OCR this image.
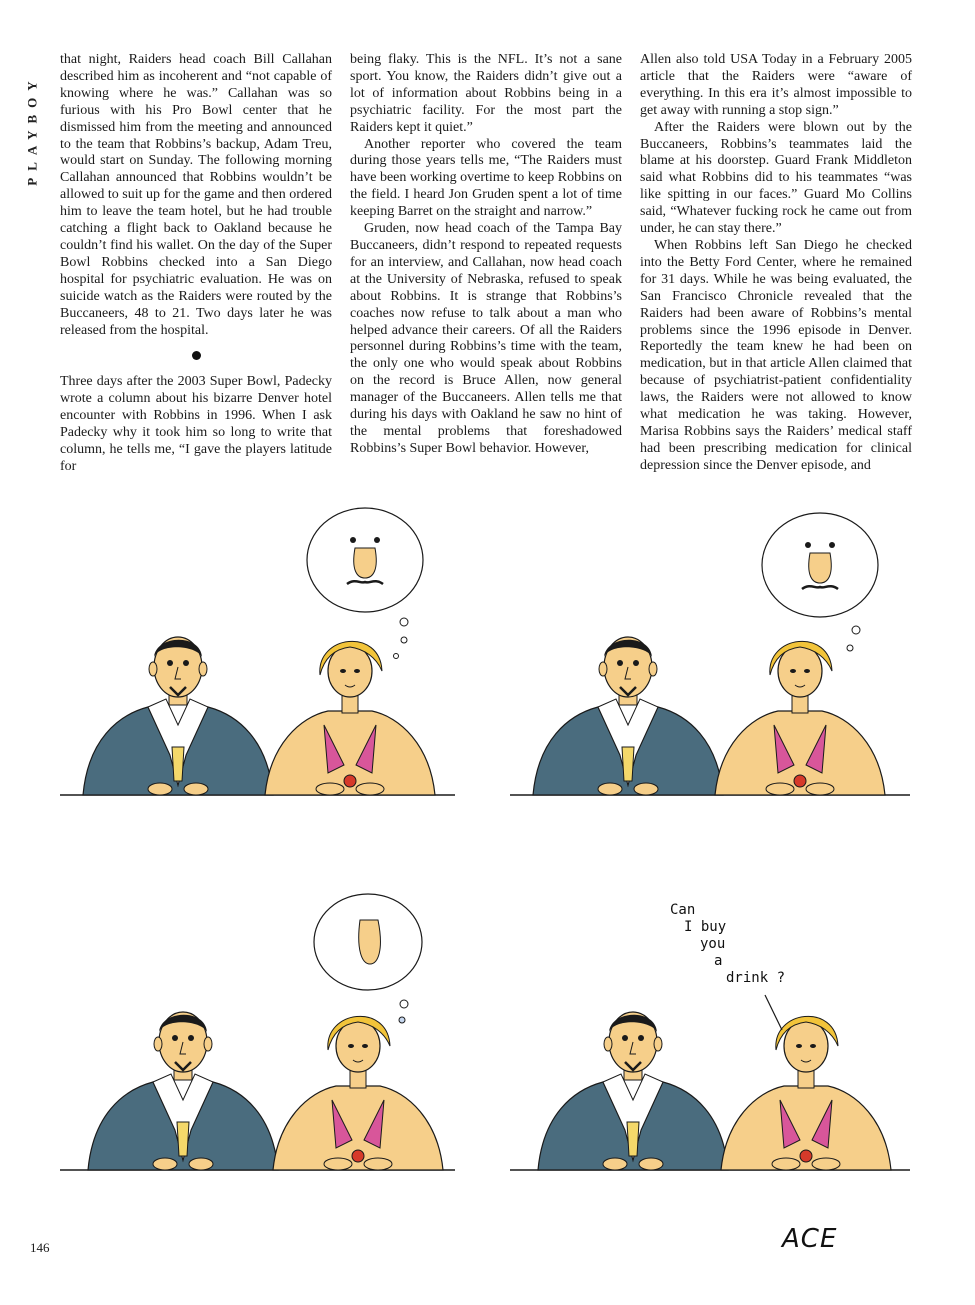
PLAYBOY

that night, Raiders head coach Bill Callahan described him as incoherent and “not capable of knowing where he was.” Callahan was so furious with his Pro Bowl center that he dismissed him from the meeting and announced to the team that Robbins’s backup, Adam Treu, would start on Sunday. The following morning Callahan announced that Robbins wouldn’t be allowed to suit up for the game and then ordered him to leave the team hotel, but he had trouble catching a flight back to Oakland because he couldn’t find his wallet. On the day of the Super Bowl Robbins checked into a San Diego hospital for psychiatric evaluation. He was on suicide watch as the Raiders were routed by the Buccaneers, 48 to 21. Two days later he was released from the hospital.

Three days after the 2003 Super Bowl, Padecky wrote a column about his bizarre Denver hotel encounter with Robbins in 1996. When I ask Padecky why it took him so long to write that column, he tells me, “I gave the players latitude for

being flaky. This is the NFL. It’s not a sane sport. You know, the Raiders didn’t give out a lot of information about Robbins being in a psychiatric facility. For the most part the Raiders kept it quiet.”

Another reporter who covered the team during those years tells me, “The Raiders must have been working overtime to keep Robbins on the field. I heard Jon Gruden spent a lot of time keeping Barret on the straight and narrow.”

Gruden, now head coach of the Tampa Bay Buccaneers, didn’t respond to repeated requests for an interview, and Callahan, now head coach at the University of Nebraska, refused to speak about Robbins. It is strange that Robbins’s coaches now refuse to talk about a man who helped advance their careers. Of all the Raiders personnel during Robbins’s time with the team, the only one who would speak about Robbins on the record is Bruce Allen, now general manager of the Buccaneers. Allen tells me that during his days with Oakland he saw no hint of the mental problems that foreshadowed Robbins’s Super Bowl behavior. However,

Allen also told USA Today in a February 2005 article that the Raiders were “aware of everything. In this era it’s almost impossible to get away with running a stop sign.”

After the Raiders were blown out by the Buccaneers, Robbins’s teammates laid the blame at his doorstep. Guard Frank Middleton said what Robbins did to his teammates “was like spitting in our faces.” Guard Mo Collins said, “Whatever fucking rock he came out from under, he can stay there.”

When Robbins left San Diego he checked into the Betty Ford Center, where he remained for 31 days. While he was being evaluated, the San Francisco Chronicle revealed that the Raiders had been aware of Robbins’s mental problems since the 1996 episode in Denver. Reportedly the team knew he had been on medication, but in that article Allen claimed that because of psychiatrist-patient confidentiality laws, the Raiders were not allowed to know what medication he was taking. However, Marisa Robbins says the Raiders’ medical staff had been prescribing medication for clinical depression since the Denver episode, and

Can
I buy
you
a
drink ?
ACE
146
